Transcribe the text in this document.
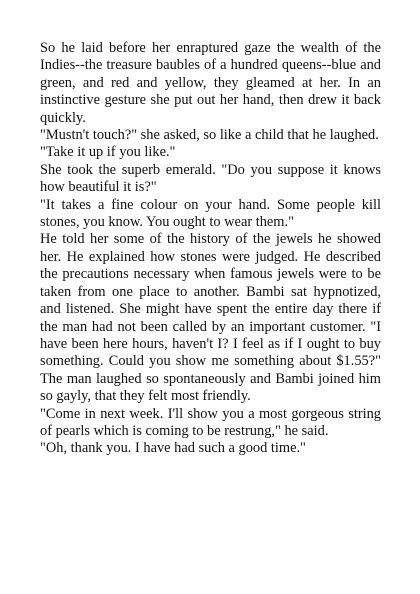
So he laid before her enraptured gaze the wealth of the Indies--the treasure baubles of a hundred queens--blue and green, and red and yellow, they gleamed at her. In an instinctive gesture she put out her hand, then drew it back quickly.

"Mustn't touch?" she asked, so like a child that he laughed.

"Take it up if you like."

She took the superb emerald. "Do you suppose it knows how beautiful it is?"

"It takes a fine colour on your hand. Some people kill stones, you know. You ought to wear them."

He told her some of the history of the jewels he showed her. He explained how stones were judged. He described the precautions necessary when famous jewels were to be taken from one place to another. Bambi sat hypnotized, and listened. She might have spent the entire day there if the man had not been called by an important customer. "I have been here hours, haven't I? I feel as if I ought to buy something. Could you show me something about $1.55?" The man laughed so spontaneously and Bambi joined him so gayly, that they felt most friendly.

"Come in next week. I'll show you a most gorgeous string of pearls which is coming to be restrung," he said.

"Oh, thank you. I have had such a good time."
